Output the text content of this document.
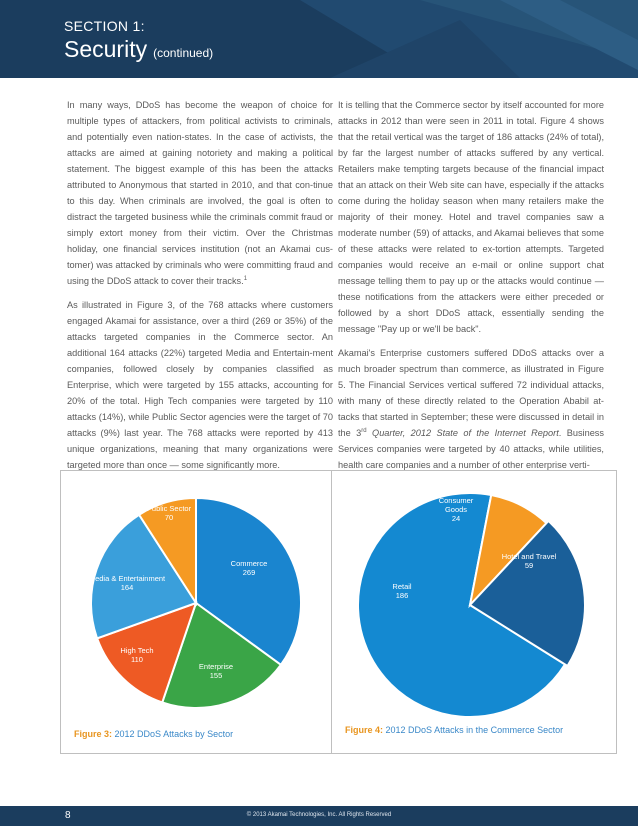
SECTION 1:
Security (continued)

In many ways, DDoS has become the weapon of choice for multiple types of attackers, from political activists to criminals, and potentially even nation-states. In the case of activists, the attacks are aimed at gaining notoriety and making a political statement. The biggest example of this has been the attacks attributed to Anonymous that started in 2010, and that con-tinue to this day. When criminals are involved, the goal is often to distract the targeted business while the criminals commit fraud or simply extort money from their victim. Over the Christmas holiday, one financial services institution (not an Akamai cus-tomer) was attacked by criminals who were committing fraud and using the DDoS attack to cover their tracks.$^1$

As illustrated in Figure 3, of the 768 attacks where customers engaged Akamai for assistance, over a third (269 or 35%) of the attacks targeted companies in the Commerce sector. An additional 164 attacks (22%) targeted Media and Entertain-ment companies, followed closely by companies classified as Enterprise, which were targeted by 155 attacks, accounting for 20% of the total. High Tech companies were targeted by 110 attacks (14%), while Public Sector agencies were the target of 70 attacks (9%) last year. The 768 attacks were reported by 413 unique organizations, meaning that many organizations were targeted more than once — some significantly more.

It is telling that the Commerce sector by itself accounted for more attacks in 2012 than were seen in 2011 in total. Figure 4 shows that the retail vertical was the target of 186 attacks (24% of total), by far the largest number of attacks suffered by any vertical. Retailers make tempting targets because of the financial impact that an attack on their Web site can have, especially if the attacks come during the holiday season when many retailers make the majority of their money. Hotel and travel companies saw a moderate number (59) of attacks, and Akamai believes that some of these attacks were related to ex-tortion attempts. Targeted companies would receive an e-mail or online support chat message telling them to pay up or the attacks would continue — these notifications from the attackers were either preceded or followed by a short DDoS attack, essentially sending the message "Pay up or we'll be back".

Akamai's Enterprise customers suffered DDoS attacks over a much broader spectrum than commerce, as illustrated in Figure 5. The Financial Services vertical suffered 72 individual attacks, with many of these directly related to the Operation Ababil at-tacks that started in September; these were discussed in detail in the 3rd Quarter, 2012 State of the Internet Report. Business Services companies were targeted by 40 attacks, while utilities, health care companies and a number of other enterprise verti-

Commerce 269
Enterprise 155
High Tech 110
Media & Entertainment 164
Public Sector 70
Figure 3: 2012 DDoS Attacks by Sector
Retail 186
Consumer Goods 24
Hotel and Travel 59
Figure 4: 2012 DDoS Attacks in the Commerce Sector
8	© 2013 Akamai Technologies, Inc. All Rights Reserved
